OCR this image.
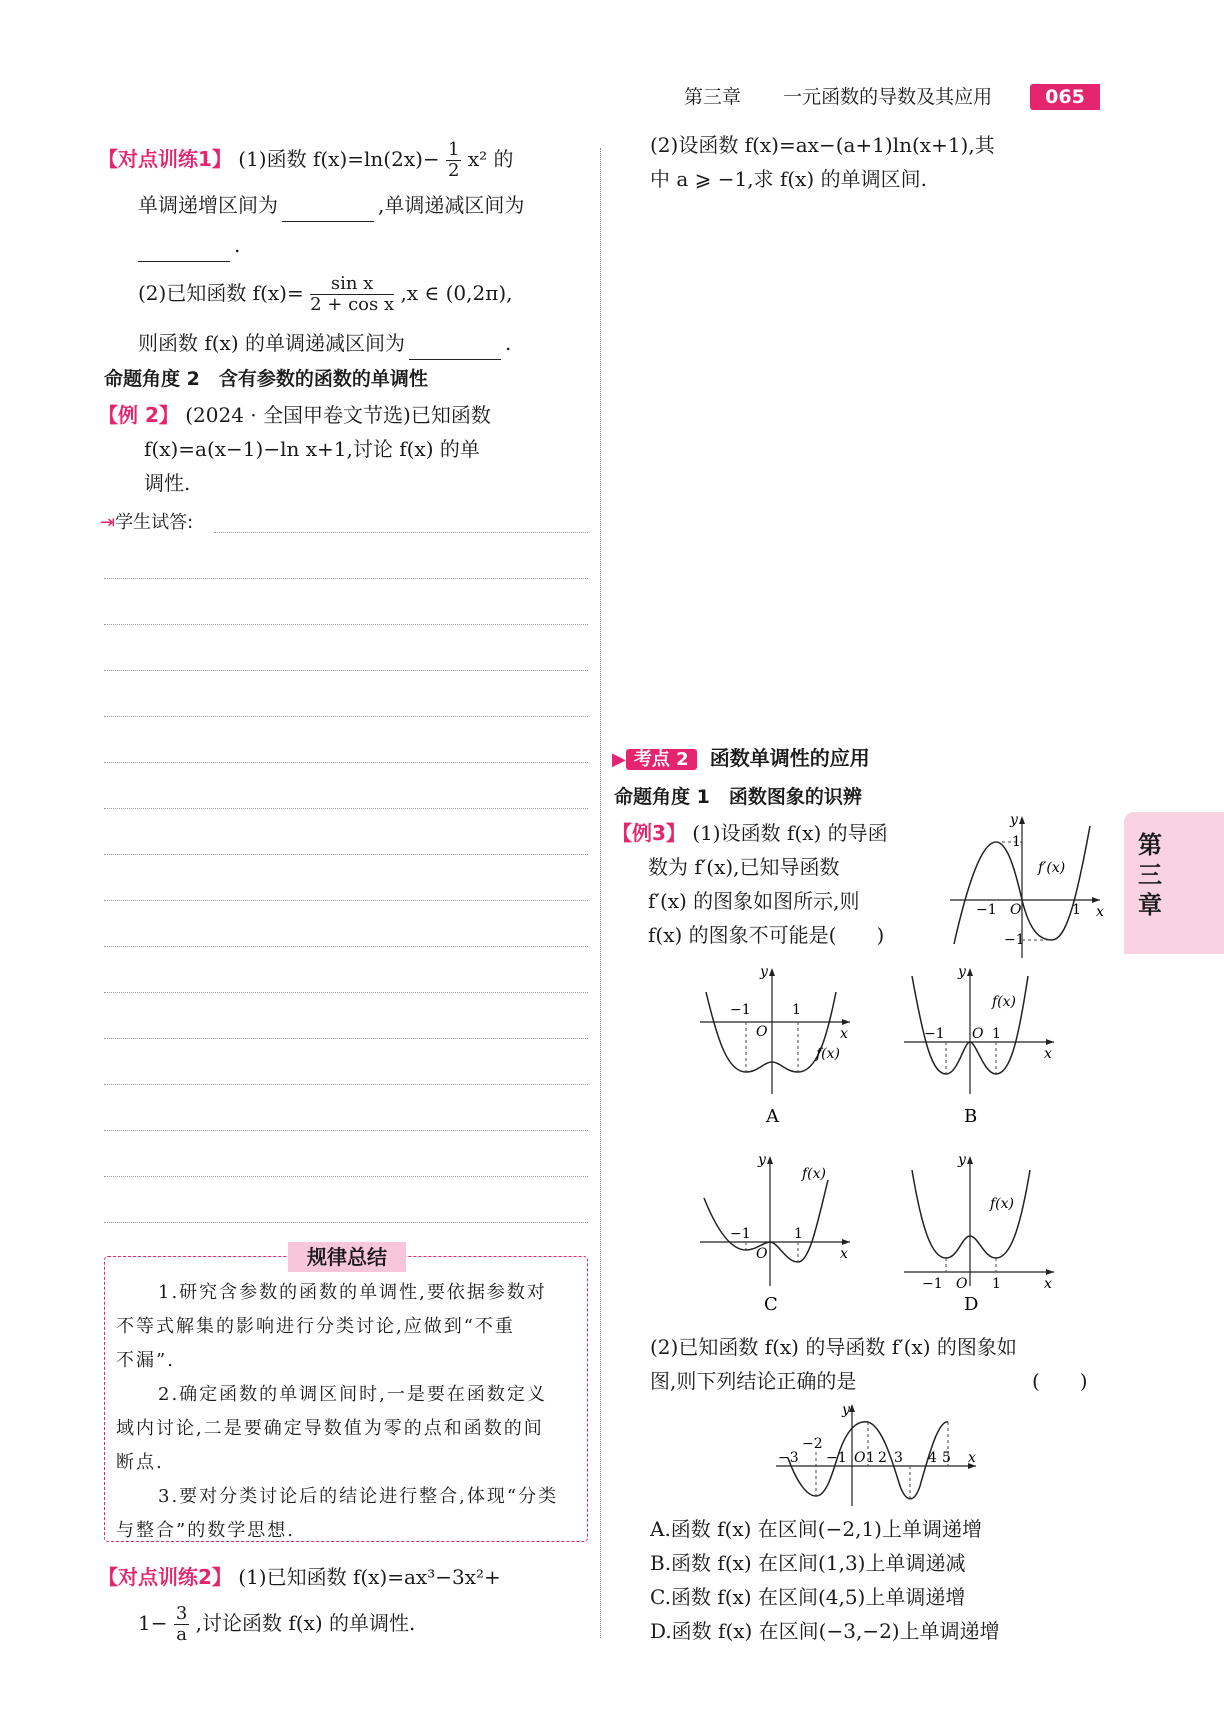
第三章 一元函数的导数及其应用	065
第三章
【对点训练1】 (1)函数 $f(x)=\ln(2x)- \frac{1}{2} x^2$ 的
单调递增区间为	,单调递减区间为
.
(2)已知函数 $f(x)= \frac{\text{sin x}}{\text{2 + cos x}} ,x$ ∈ (0,2π),
则函数 f(x) 的单调递减区间为	.
命题角度 2　含有参数的函数的单调性
【例 2】 (2024 · 全国甲卷文节选)已知函数
f(x)=a(x−1)−ln x+1,讨论 f(x) 的单
调性.
⇥学生试答:
规律总结
1.研究含参数的函数的单调性,要依据参数对
不等式解集的影响进行分类讨论,应做到“不重
不漏”.
2.确定函数的单调区间时,一是要在函数定义
域内讨论,二是要确定导数值为零的点和函数的间
断点.
3.要对分类讨论后的结论进行整合,体现“分类
与整合”的数学思想.
【对点训练2】 (1)已知函数 f(x)=ax³−3x²+
$1- \frac{3}{a}$ ,讨论函数 f(x) 的单调性.
(2)设函数 f(x)=ax−(a+1)ln(x+1),其
中 a ⩾ −1,求 f(x) 的单调区间.
▶ 考点 2 函数单调性的应用
命题角度 1　函数图象的识辨
【例3】 (1)设函数 f(x) 的导函
数为 f′(x),已知导函数
f′(x) 的图象如图所示,则
f(x) 的图象不可能是(　　)
y
x
O
−1	1
1
−1
f′(x)
y
x
O
−1	1
f(x)
A
y
x
O
−1	1
f(x)
B
y
x
O
−1	1
f(x)
C
y
x
O
−1	1
f(x)
D
(2)已知函数 f(x) 的导函数 f′(x) 的图象如
图,则下列结论正确的是	(　　)
y
x
−3
−2
−1 O 1 2 3 4 5
A.函数 f(x) 在区间(−2,1)上单调递增
B.函数 f(x) 在区间(1,3)上单调递减
C.函数 f(x) 在区间(4,5)上单调递增
D.函数 f(x) 在区间(−3,−2)上单调递增
